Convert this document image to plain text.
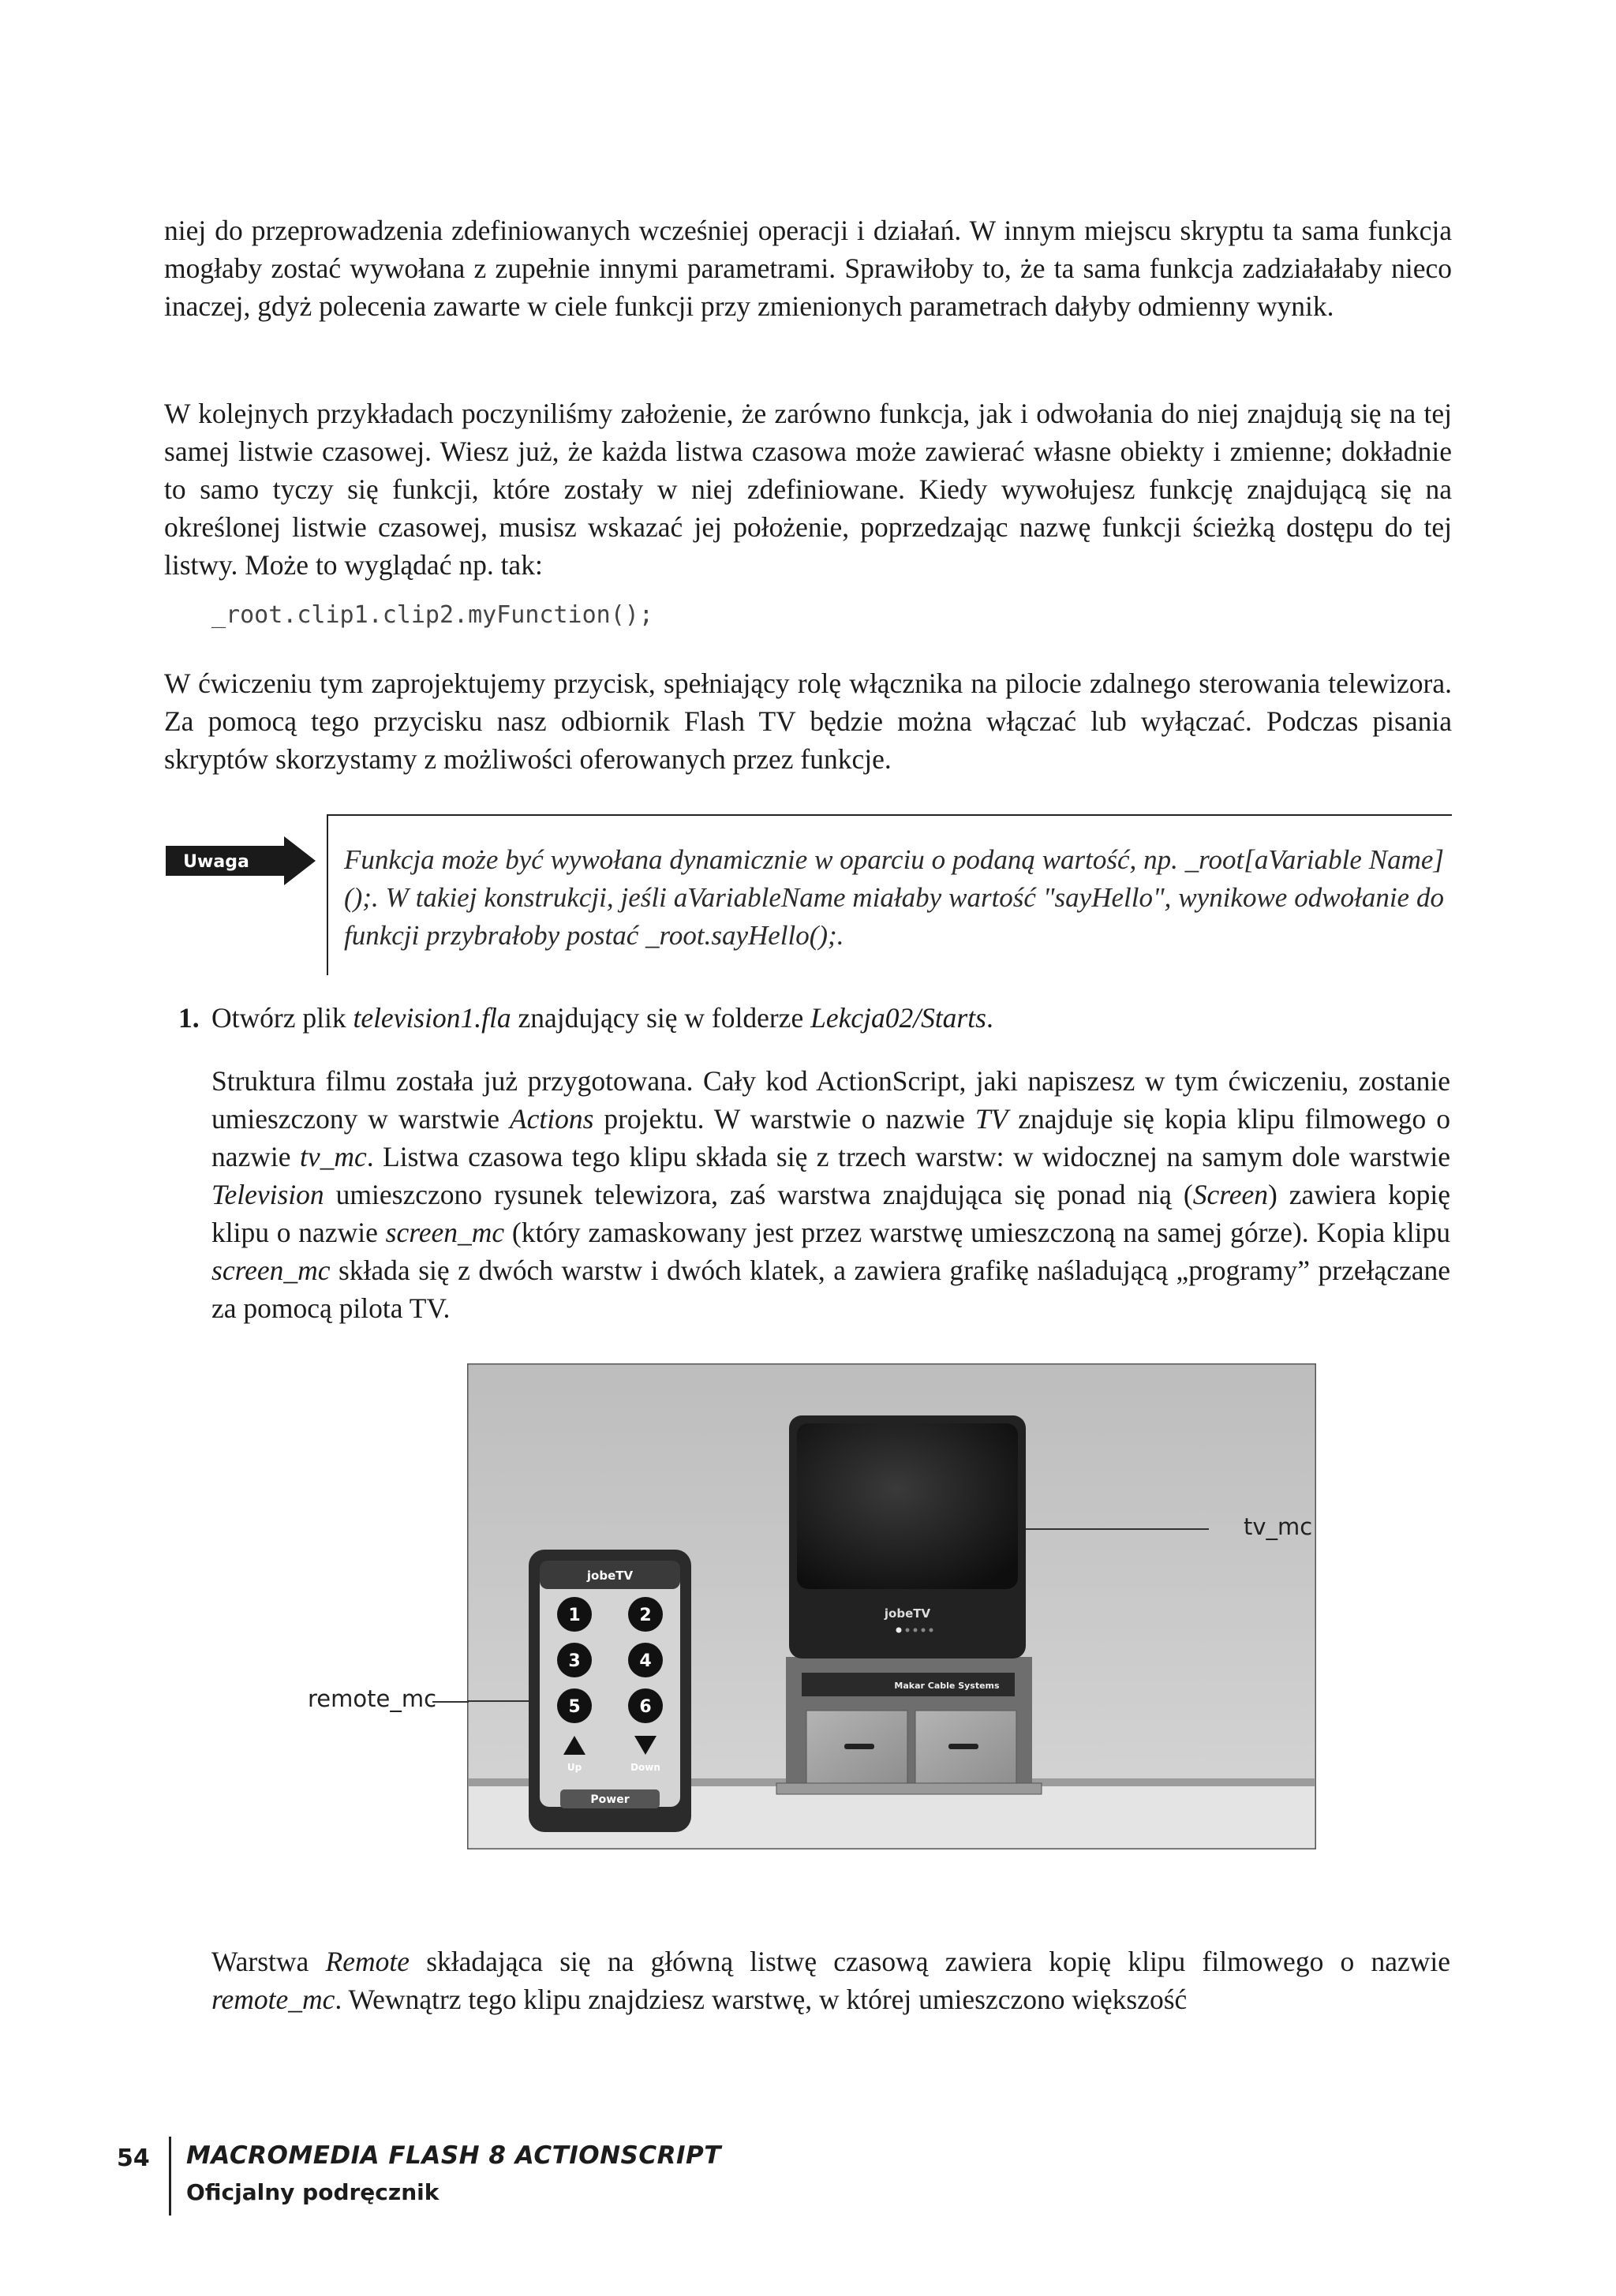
niej do przeprowadzenia zdefiniowanych wcześniej operacji i działań. W innym miejscu skryptu ta sama funkcja mogłaby zostać wywołana z zupełnie innymi parametrami. Sprawiłoby to, że ta sama funkcja zadziałałaby nieco inaczej, gdyż polecenia zawarte w ciele funkcji przy zmienionych parametrach dałyby odmienny wynik.

W kolejnych przykładach poczyniliśmy założenie, że zarówno funkcja, jak i odwołania do niej znajdują się na tej samej listwie czasowej. Wiesz już, że każda listwa czasowa może zawierać własne obiekty i zmienne; dokładnie to samo tyczy się funkcji, które zostały w niej zdefiniowane. Kiedy wywołujesz funkcję znajdującą się na określonej listwie czasowej, musisz wskazać jej położenie, poprzedzając nazwę funkcji ścieżką dostępu do tej listwy. Może to wyglądać np. tak:

_root.clip1.clip2.myFunction();

W ćwiczeniu tym zaprojektujemy przycisk, spełniający rolę włącznika na pilocie zdalnego sterowania telewizora. Za pomocą tego przycisku nasz odbiornik Flash TV będzie można włączać lub wyłączać. Podczas pisania skryptów skorzystamy z możliwości oferowanych przez funkcje.

Uwaga	Funkcja może być wywołana dynamicznie w oparciu o podaną wartość, np. _root[aVariable Name]();. W takiej konstrukcji, jeśli aVariableName miałaby wartość "sayHello", wynikowe odwołanie do funkcji przybrałoby postać _root.sayHello();.

1. Otwórz plik television1.fla znajdujący się w folderze Lekcja02/Starts.

Struktura filmu została już przygotowana. Cały kod ActionScript, jaki napiszesz w tym ćwiczeniu, zostanie umieszczony w warstwie Actions projektu. W warstwie o nazwie TV znajduje się kopia klipu filmowego o nazwie tv_mc. Listwa czasowa tego klipu składa się z trzech warstw: w widocznej na samym dole warstwie Television umieszczono rysunek telewizora, zaś warstwa znajdująca się ponad nią (Screen) zawiera kopię klipu o nazwie screen_mc (który zamaskowany jest przez warstwę umieszczoną na samej górze). Kopia klipu screen_mc składa się z dwóch warstw i dwóch klatek, a zawiera grafikę naśladującą „programy” przełączane za pomocą pilota TV.

Makar Cable Systems
jobeTV
jobeTV
1	2
3	4
5	6
Up	Down
Power
tv_mc
remote_mc

Warstwa Remote składająca się na główną listwę czasową zawiera kopię klipu filmowego o nazwie remote_mc. Wewnątrz tego klipu znajdziesz warstwę, w której umieszczono większość

54 MACROMEDIA FLASH 8 ACTIONSCRIPT
Oficjalny podręcznik
